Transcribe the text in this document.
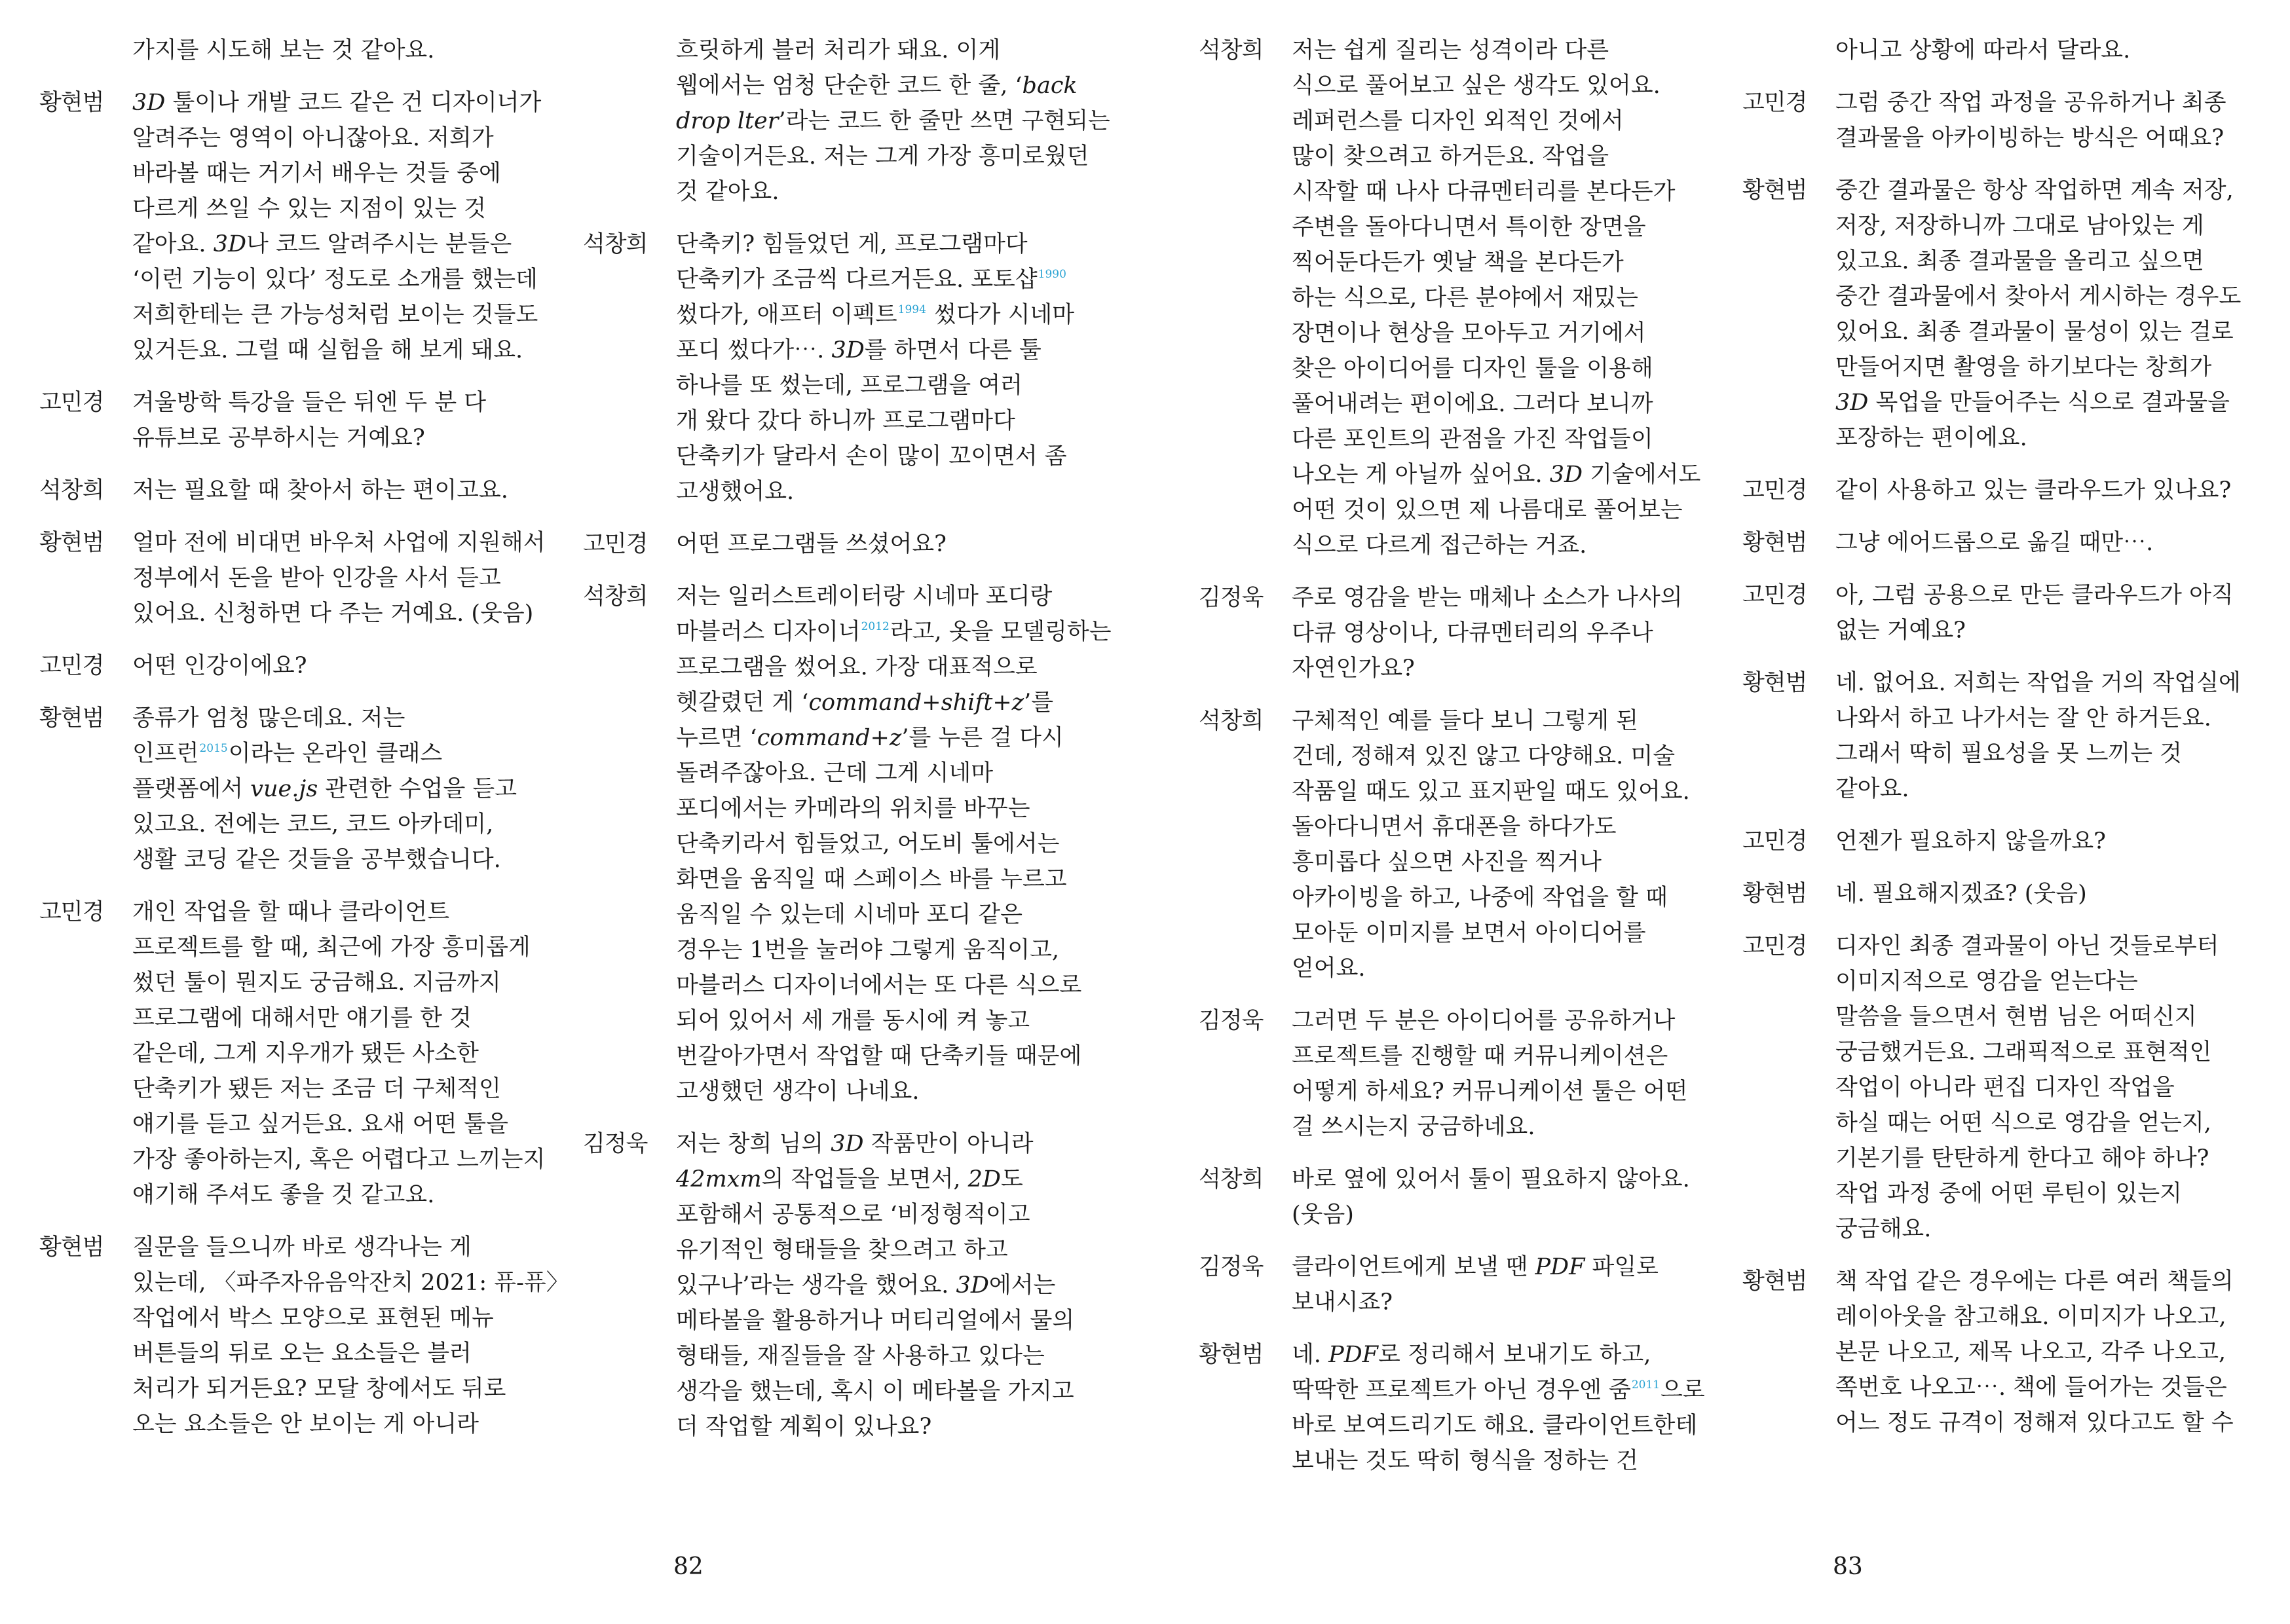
가지를 시도해 보는 것 같아요.
황현범	3D 툴이나 개발 코드 같은 건 디자이너가
알려주는 영역이 아니잖아요. 저희가
바라볼 때는 거기서 배우는 것들 중에
다르게 쓰일 수 있는 지점이 있는 것
같아요. 3D나 코드 알려주시는 분들은
‘이런 기능이 있다’ 정도로 소개를 했는데
저희한테는 큰 가능성처럼 보이는 것들도
있거든요. 그럴 때 실험을 해 보게 돼요.
고민경	겨울방학 특강을 들은 뒤엔 두 분 다
유튜브로 공부하시는 거예요?
석창희	저는 필요할 때 찾아서 하는 편이고요.
황현범	얼마 전에 비대면 바우처 사업에 지원해서
정부에서 돈을 받아 인강을 사서 듣고
있어요. 신청하면 다 주는 거예요. (웃음)
고민경	어떤 인강이에요?
황현범	종류가 엄청 많은데요. 저는
인프런$^{2015}$이라는 온라인 클래스
플랫폼에서 vue.js 관련한 수업을 듣고
있고요. 전에는 코드, 코드 아카데미,
생활 코딩 같은 것들을 공부했습니다.
고민경	개인 작업을 할 때나 클라이언트
프로젝트를 할 때, 최근에 가장 흥미롭게
썼던 툴이 뭔지도 궁금해요. 지금까지
프로그램에 대해서만 얘기를 한 것
같은데, 그게 지우개가 됐든 사소한
단축키가 됐든 저는 조금 더 구체적인
얘기를 듣고 싶거든요. 요새 어떤 툴을
가장 좋아하는지, 혹은 어렵다고 느끼는지
얘기해 주셔도 좋을 것 같고요.
황현범	질문을 들으니까 바로 생각나는 게
있는데, 〈파주자유음악잔치 2021: 퓨-퓨〉
작업에서 박스 모양으로 표현된 메뉴
버튼들의 뒤로 오는 요소들은 블러
처리가 되거든요? 모달 창에서도 뒤로
오는 요소들은 안 보이는 게 아니라
흐릿하게 블러 처리가 돼요. 이게
웹에서는 엄청 단순한 코드 한 줄, ‘back
drop lter’라는 코드 한 줄만 쓰면 구현되는
기술이거든요. 저는 그게 가장 흥미로웠던
것 같아요.
석창희	단축키? 힘들었던 게, 프로그램마다
단축키가 조금씩 다르거든요. 포토샵$^{1990}$
썼다가, 애프터 이펙트$^{1994}$ 썼다가 시네마
포디 썼다가⋯. 3D를 하면서 다른 툴
하나를 또 썼는데, 프로그램을 여러
개 왔다 갔다 하니까 프로그램마다
단축키가 달라서 손이 많이 꼬이면서 좀
고생했어요.
고민경	어떤 프로그램들 쓰셨어요?
석창희	저는 일러스트레이터랑 시네마 포디랑
마블러스 디자이너$^{2012}$라고, 옷을 모델링하는
프로그램을 썼어요. 가장 대표적으로
헷갈렸던 게 ‘command+shift+z’를
누르면 ‘command+z’를 누른 걸 다시
돌려주잖아요. 근데 그게 시네마
포디에서는 카메라의 위치를 바꾸는
단축키라서 힘들었고, 어도비 툴에서는
화면을 움직일 때 스페이스 바를 누르고
움직일 수 있는데 시네마 포디 같은
경우는 1번을 눌러야 그렇게 움직이고,
마블러스 디자이너에서는 또 다른 식으로
되어 있어서 세 개를 동시에 켜 놓고
번갈아가면서 작업할 때 단축키들 때문에
고생했던 생각이 나네요.
김정욱	저는 창희 님의 3D 작품만이 아니라
42mxm의 작업들을 보면서, 2D도
포함해서 공통적으로 ‘비정형적이고
유기적인 형태들을 찾으려고 하고
있구나’라는 생각을 했어요. 3D에서는
메타볼을 활용하거나 머티리얼에서 물의
형태들, 재질들을 잘 사용하고 있다는
생각을 했는데, 혹시 이 메타볼을 가지고
더 작업할 계획이 있나요?
82
석창희	저는 쉽게 질리는 성격이라 다른
식으로 풀어보고 싶은 생각도 있어요.
레퍼런스를 디자인 외적인 것에서
많이 찾으려고 하거든요. 작업을
시작할 때 나사 다큐멘터리를 본다든가
주변을 돌아다니면서 특이한 장면을
찍어둔다든가 옛날 책을 본다든가
하는 식으로, 다른 분야에서 재밌는
장면이나 현상을 모아두고 거기에서
찾은 아이디어를 디자인 툴을 이용해
풀어내려는 편이에요. 그러다 보니까
다른 포인트의 관점을 가진 작업들이
나오는 게 아닐까 싶어요. 3D 기술에서도
어떤 것이 있으면 제 나름대로 풀어보는
식으로 다르게 접근하는 거죠.
김정욱	주로 영감을 받는 매체나 소스가 나사의
다큐 영상이나, 다큐멘터리의 우주나
자연인가요?
석창희	구체적인 예를 들다 보니 그렇게 된
건데, 정해져 있진 않고 다양해요. 미술
작품일 때도 있고 표지판일 때도 있어요.
돌아다니면서 휴대폰을 하다가도
흥미롭다 싶으면 사진을 찍거나
아카이빙을 하고, 나중에 작업을 할 때
모아둔 이미지를 보면서 아이디어를
얻어요.
김정욱	그러면 두 분은 아이디어를 공유하거나
프로젝트를 진행할 때 커뮤니케이션은
어떻게 하세요? 커뮤니케이션 툴은 어떤
걸 쓰시는지 궁금하네요.
석창희	바로 옆에 있어서 툴이 필요하지 않아요.
(웃음)
김정욱	클라이언트에게 보낼 땐 PDF 파일로
보내시죠?
황현범	네. PDF로 정리해서 보내기도 하고,
딱딱한 프로젝트가 아닌 경우엔 줌$^{2011}$으로
바로 보여드리기도 해요. 클라이언트한테
보내는 것도 딱히 형식을 정하는 건
아니고 상황에 따라서 달라요.
고민경	그럼 중간 작업 과정을 공유하거나 최종
결과물을 아카이빙하는 방식은 어때요?
황현범	중간 결과물은 항상 작업하면 계속 저장,
저장, 저장하니까 그대로 남아있는 게
있고요. 최종 결과물을 올리고 싶으면
중간 결과물에서 찾아서 게시하는 경우도
있어요. 최종 결과물이 물성이 있는 걸로
만들어지면 촬영을 하기보다는 창희가
3D 목업을 만들어주는 식으로 결과물을
포장하는 편이에요.
고민경	같이 사용하고 있는 클라우드가 있나요?
황현범	그냥 에어드롭으로 옮길 때만⋯.
고민경	아, 그럼 공용으로 만든 클라우드가 아직
없는 거예요?
황현범	네. 없어요. 저희는 작업을 거의 작업실에
나와서 하고 나가서는 잘 안 하거든요.
그래서 딱히 필요성을 못 느끼는 것
같아요.
고민경	언젠가 필요하지 않을까요?
황현범	네. 필요해지겠죠? (웃음)
고민경	디자인 최종 결과물이 아닌 것들로부터
이미지적으로 영감을 얻는다는
말씀을 들으면서 현범 님은 어떠신지
궁금했거든요. 그래픽적으로 표현적인
작업이 아니라 편집 디자인 작업을
하실 때는 어떤 식으로 영감을 얻는지,
기본기를 탄탄하게 한다고 해야 하나?
작업 과정 중에 어떤 루틴이 있는지
궁금해요.
황현범	책 작업 같은 경우에는 다른 여러 책들의
레이아웃을 참고해요. 이미지가 나오고,
본문 나오고, 제목 나오고, 각주 나오고,
쪽번호 나오고⋯. 책에 들어가는 것들은
어느 정도 규격이 정해져 있다고도 할 수
83
